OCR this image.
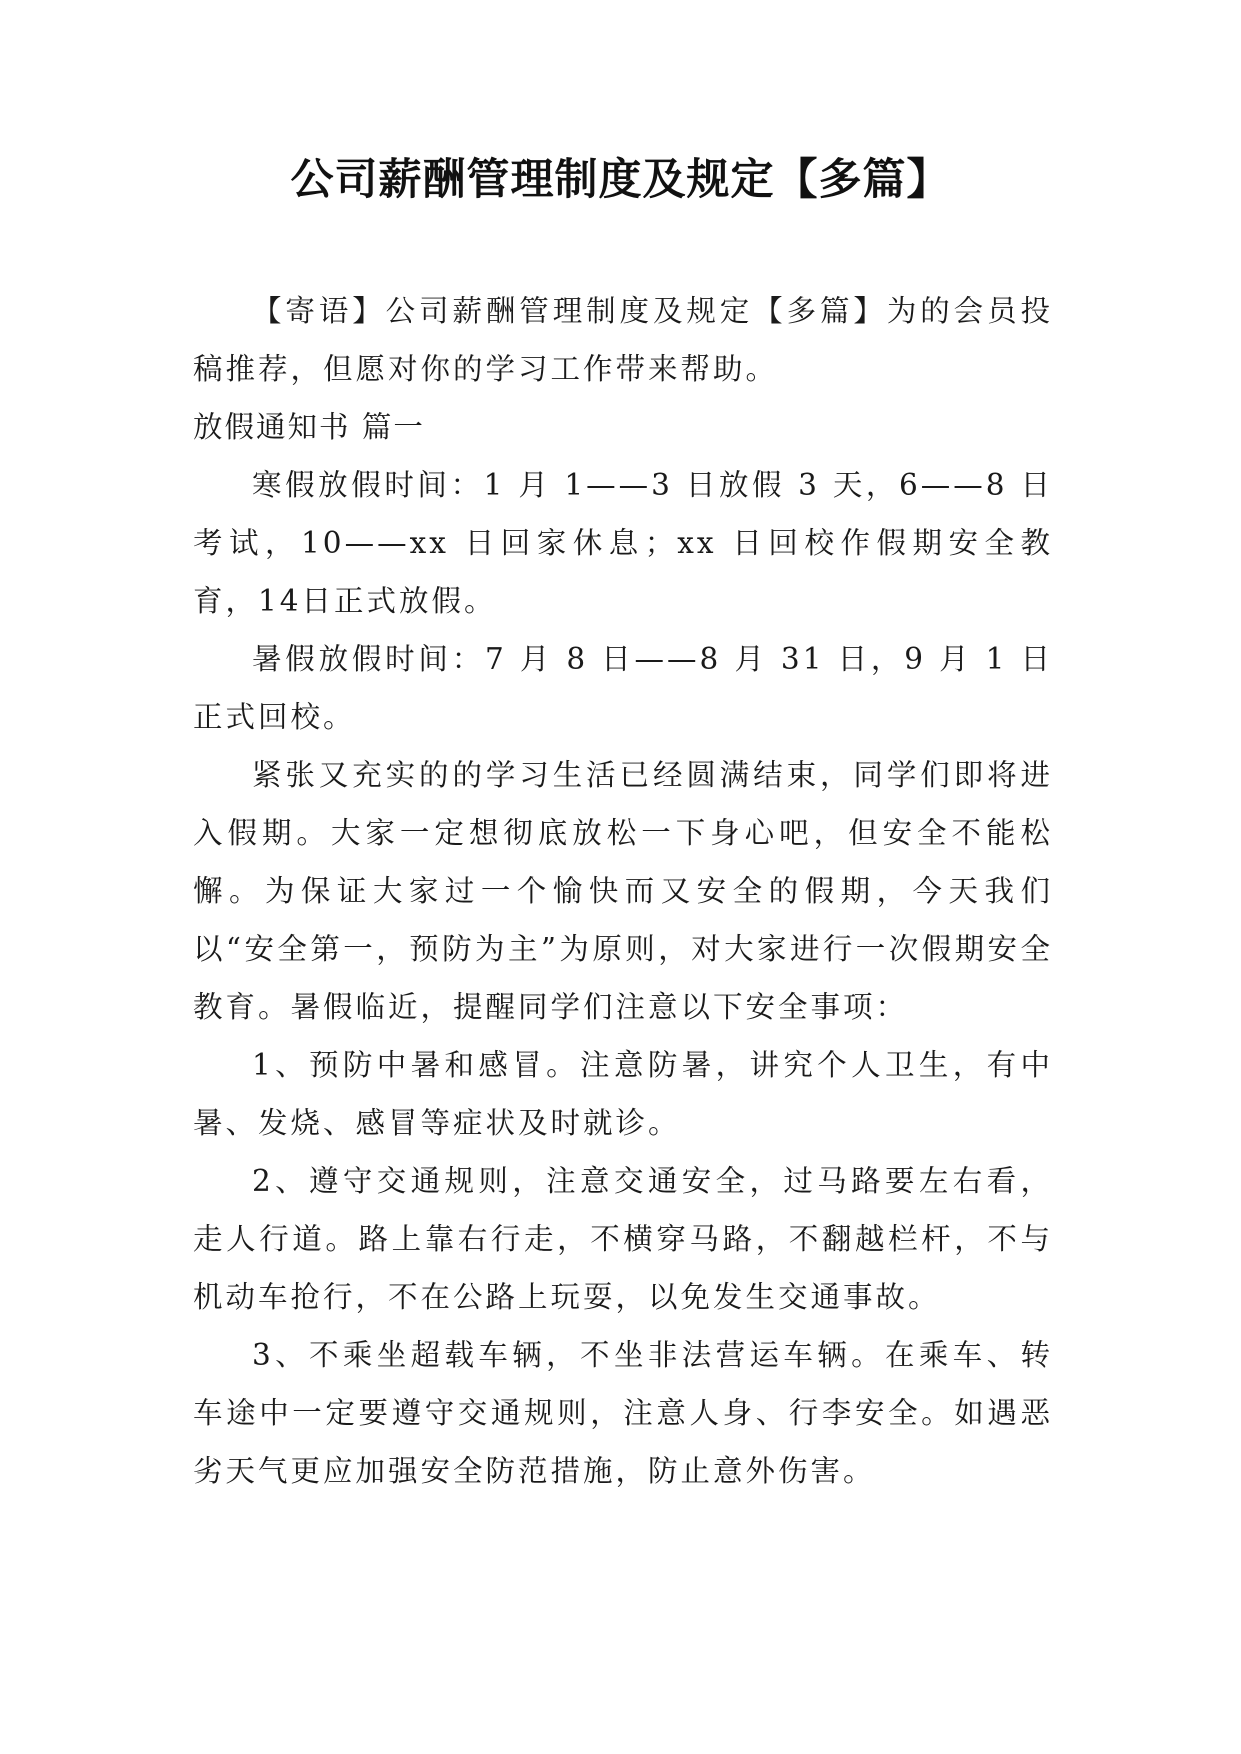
公司薪酬管理制度及规定【多篇】

【寄语】公司薪酬管理制度及规定【多篇】为的会员投稿推荐，但愿对你的学习工作带来帮助。

放假通知书 篇一

寒假放假时间：1 月 1——3 日放假 3 天，6——8 日考试，10——xx 日回家休息；xx 日回校作假期安全教育，14日正式放假。

暑假放假时间：7 月 8 日——8 月 31 日，9 月 1 日正式回校。

紧张又充实的的学习生活已经圆满结束，同学们即将进入假期。大家一定想彻底放松一下身心吧，但安全不能松懈。为保证大家过一个愉快而又安全的假期，今天我们以“安全第一，预防为主”为原则，对大家进行一次假期安全教育。暑假临近，提醒同学们注意以下安全事项：

1、预防中暑和感冒。注意防暑，讲究个人卫生，有中暑、发烧、感冒等症状及时就诊。

2、遵守交通规则，注意交通安全，过马路要左右看，走人行道。路上靠右行走，不横穿马路，不翻越栏杆，不与机动车抢行，不在公路上玩耍，以免发生交通事故。

3、不乘坐超载车辆，不坐非法营运车辆。在乘车、转车途中一定要遵守交通规则，注意人身、行李安全。如遇恶劣天气更应加强安全防范措施，防止意外伤害。
